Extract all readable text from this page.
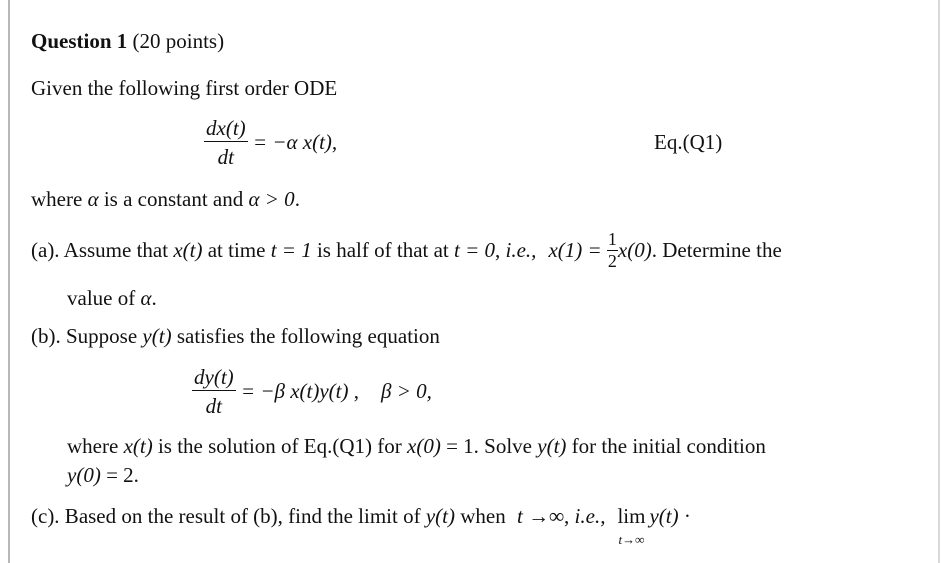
Question 1 (20 points)
Given the following first order ODE
$\frac{dx(t)}{dt} = -\alpha$ x(t),	Eq.(Q1)
where α is a constant and α > 0.
(a). Assume that x(t) at time t = 1 is half of that at t = 0, i.e., $x(1) = \frac{1}{2} x(0)$. Determine the
value of α.
(b). Suppose y(t) satisfies the following equation
$\frac{dy(t)}{dt} = -\beta$ x(t)y(t) , β > 0,
where x(t) is the solution of Eq.(Q1) for x(0) = 1. Solve y(t) for the initial condition
y(0) = 2.
(c). Based on the result of (b), find the limit of y(t) when t →∞, i.e., lim
t→∞
y(t) ·
